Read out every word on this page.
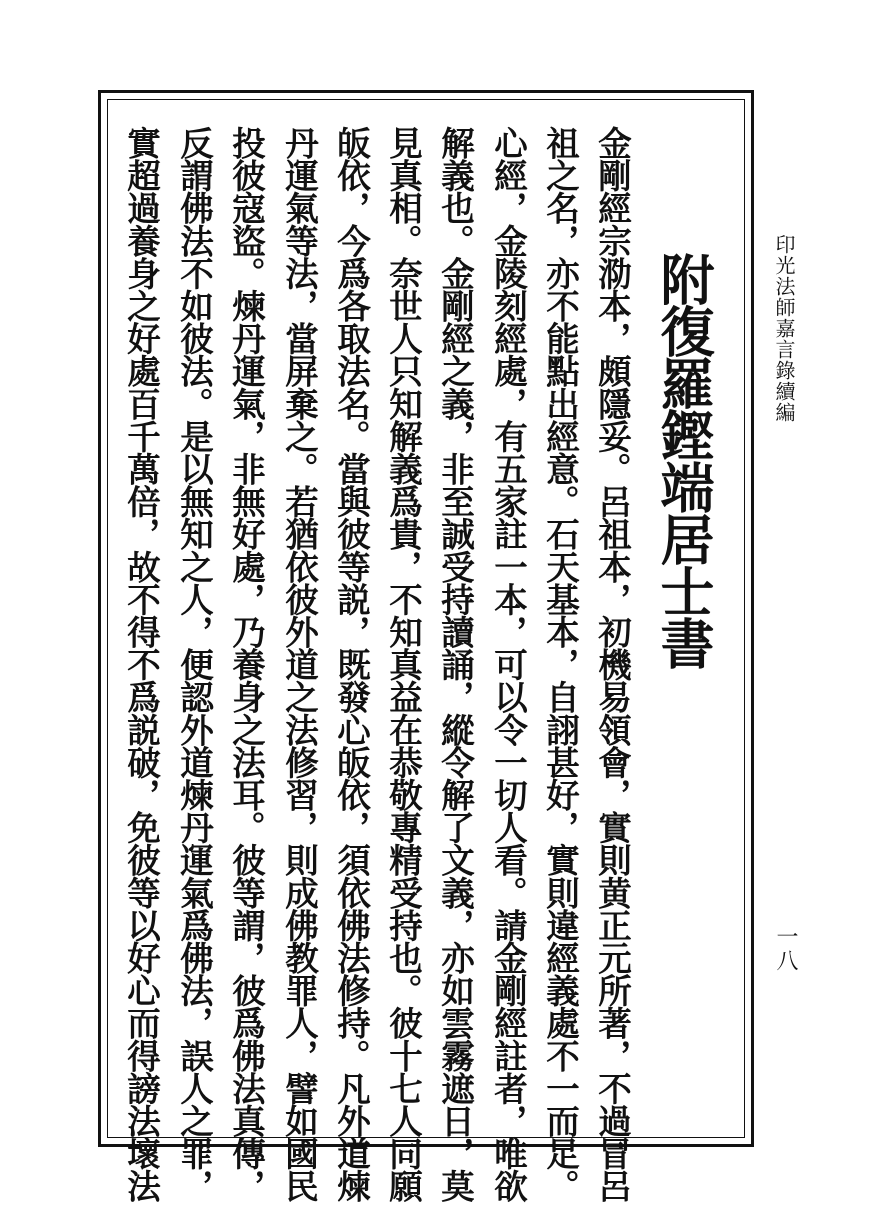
印光法師嘉言錄續編
一八
附復羅鏗端居士書
金剛經宗泐本，頗隱妥。呂祖本，初機易領會，實則黄正元所著，不過冒呂
祖之名，亦不能點出經意。石天基本，自詡甚好，實則違經義處不一而足。
心經，金陵刻經處，有五家註一本，可以令一切人看。請金剛經註者，唯欲
解義也。金剛經之義，非至誠受持讀誦，縱令解了文義，亦如雲霧遮日，莫
見真相。奈世人只知解義爲貴，不知真益在恭敬專精受持也。彼十七人同願
皈依，今爲各取法名。當與彼等説，既發心皈依，須依佛法修持。凡外道煉
丹運氣等法，當屏棄之。若猶依彼外道之法修習，則成佛教罪人，譬如國民
投彼寇盜。煉丹運氣，非無好處，乃養身之法耳。彼等謂，彼爲佛法真傳，
反謂佛法不如彼法。是以無知之人，便認外道煉丹運氣爲佛法，誤人之罪，
實超過養身之好處百千萬倍，故不得不爲説破，免彼等以好心而得謗法壞法
